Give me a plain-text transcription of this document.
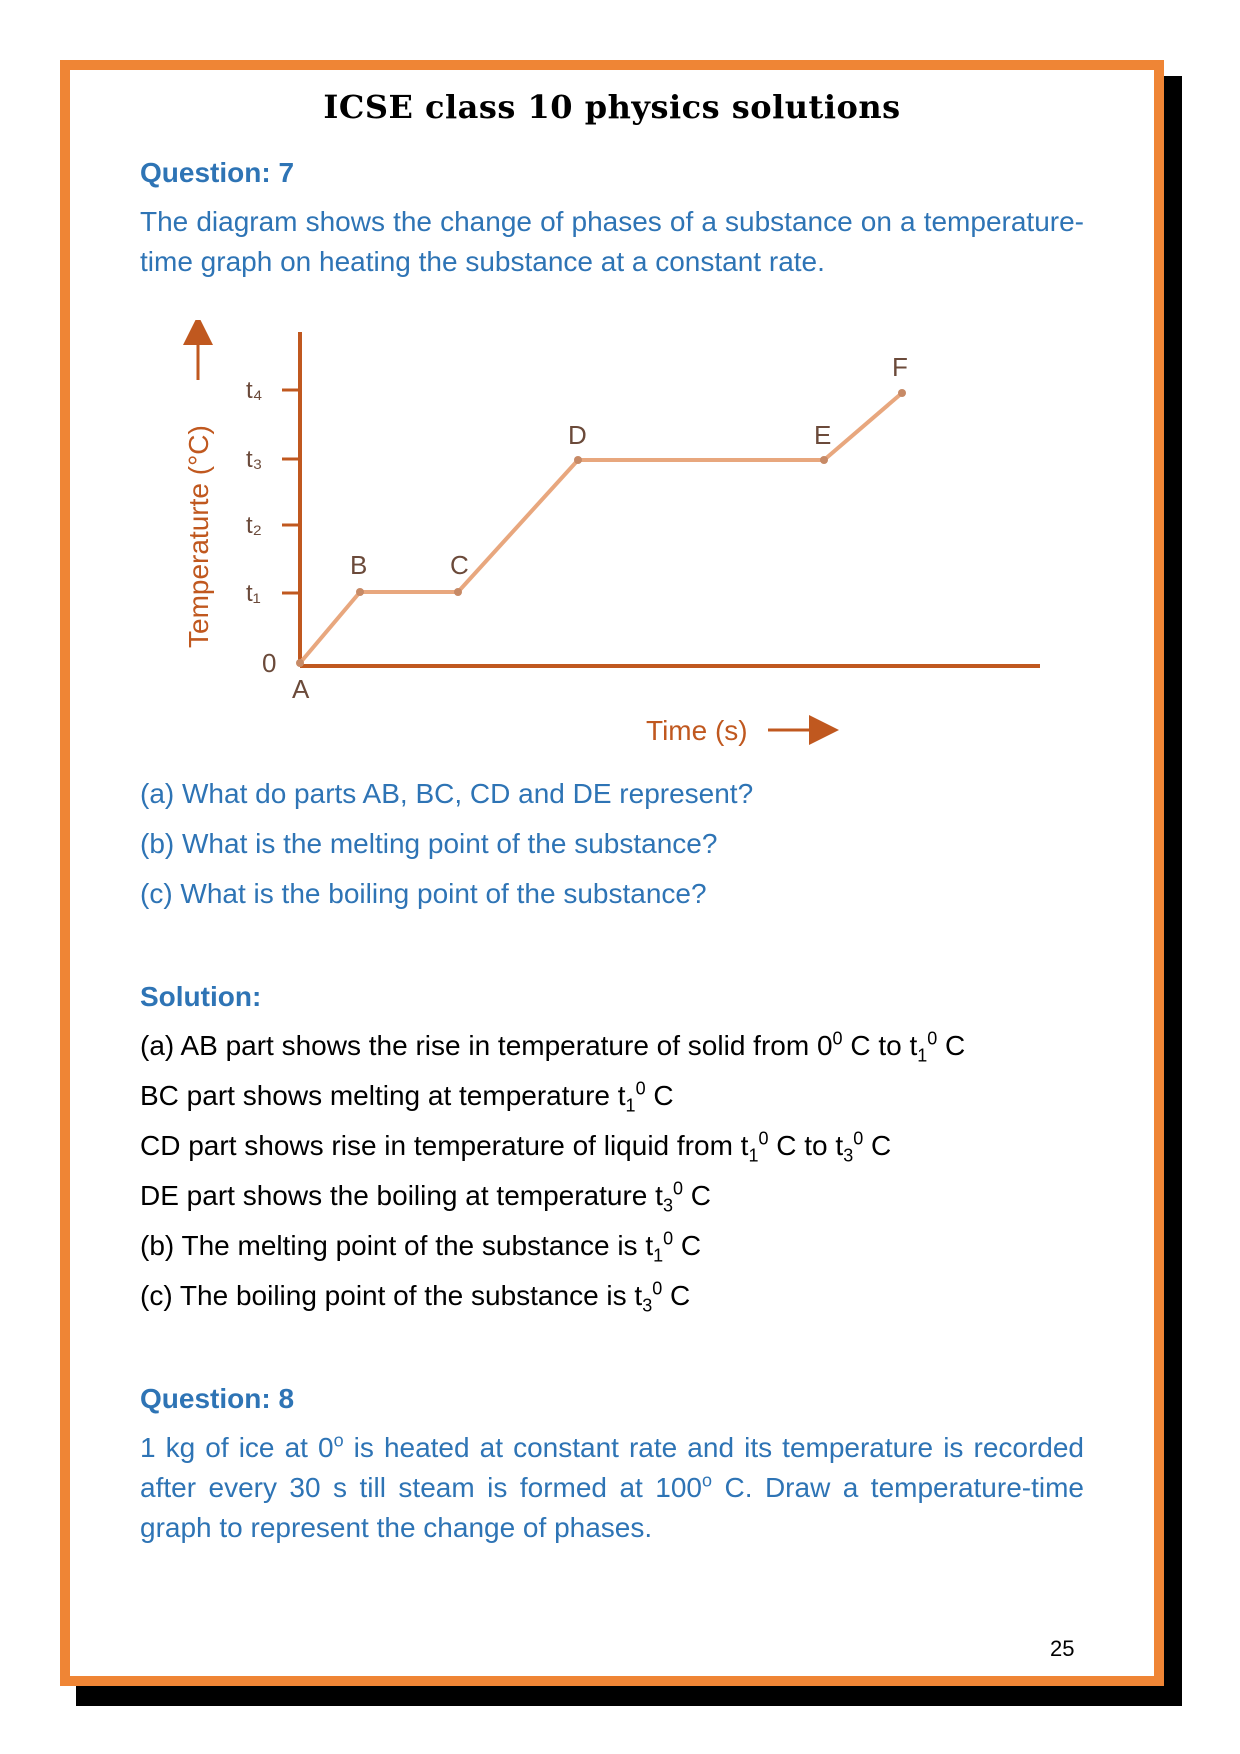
ICSE class 10 physics solutions
Question: 7
The diagram shows the change of phases of a substance on a temperature-time graph on heating the substance at a constant rate.
Temperaturte (°C)
t₄
t₃
t₂
t₁
0
A
B	C
D	E
F
Time (s)
(a) What do parts AB, BC, CD and DE represent?
(b) What is the melting point of the substance?
(c) What is the boiling point of the substance?
Solution:
(a) AB part shows the rise in temperature of solid from $0^0$ C to $t_1^0$ C
BC part shows melting at temperature $t_1^0$ C
CD part shows rise in temperature of liquid from $t_1^0$ C to $t_3^0$ C
DE part shows the boiling at temperature $t_3^0$ C
(b) The melting point of the substance is $t_1^0$ C
(c) The boiling point of the substance is $t_3^0$ C
Question: 8
1 kg of ice at 0$^o$ is heated at constant rate and its temperature is recorded after every 30 s till steam is formed at 100$^o$ C. Draw a temperature-time graph to represent the change of phases.
25
